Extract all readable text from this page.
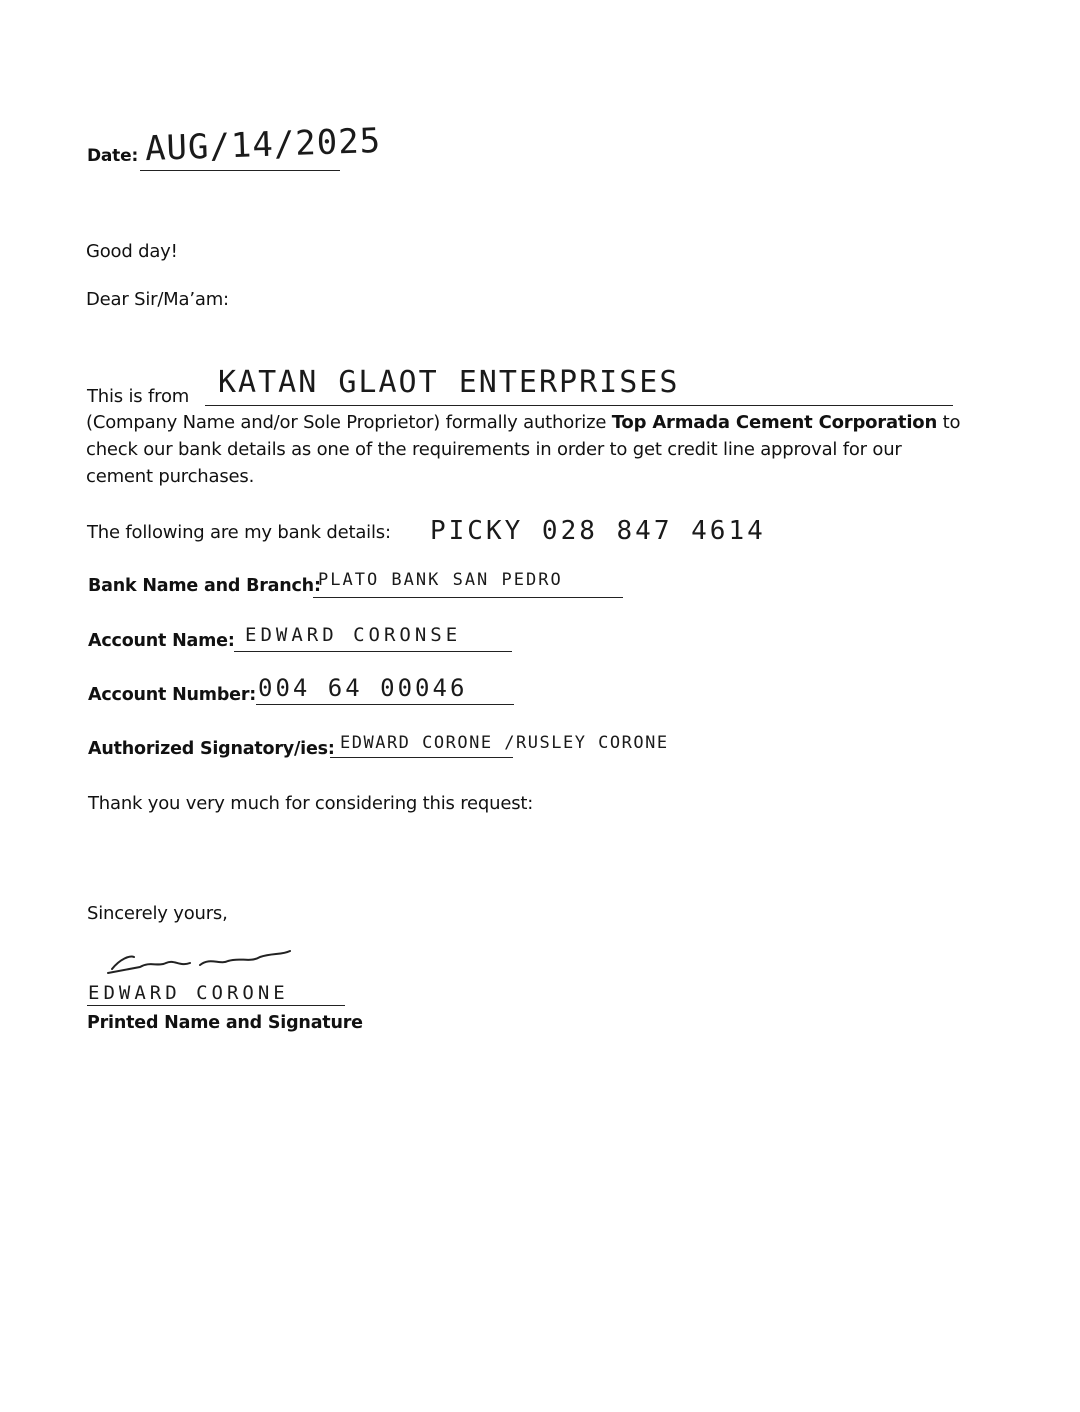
Date: AUG/14/2025
Good day!
Dear Sir/Ma’am:
This is from KATAN GLAOT ENTERPRISES

(Company Name and/or Sole Proprietor) formally authorize Top Armada Cement Corporation to check our bank details as one of the requirements in order to get credit line approval for our cement purchases.

The following are my bank details: PICKY 028 847 4614
Bank Name and Branch:
PLATO BANK SAN PEDRO
Account Name: EDWARD CORONSE
Account Number: 004 64 00046
Authorized Signatory/ies: EDWARD CORONE /RUSLEY CORONE
Thank you very much for considering this request:
Sincerely yours,
EDWARD CORONE
Printed Name and Signature
